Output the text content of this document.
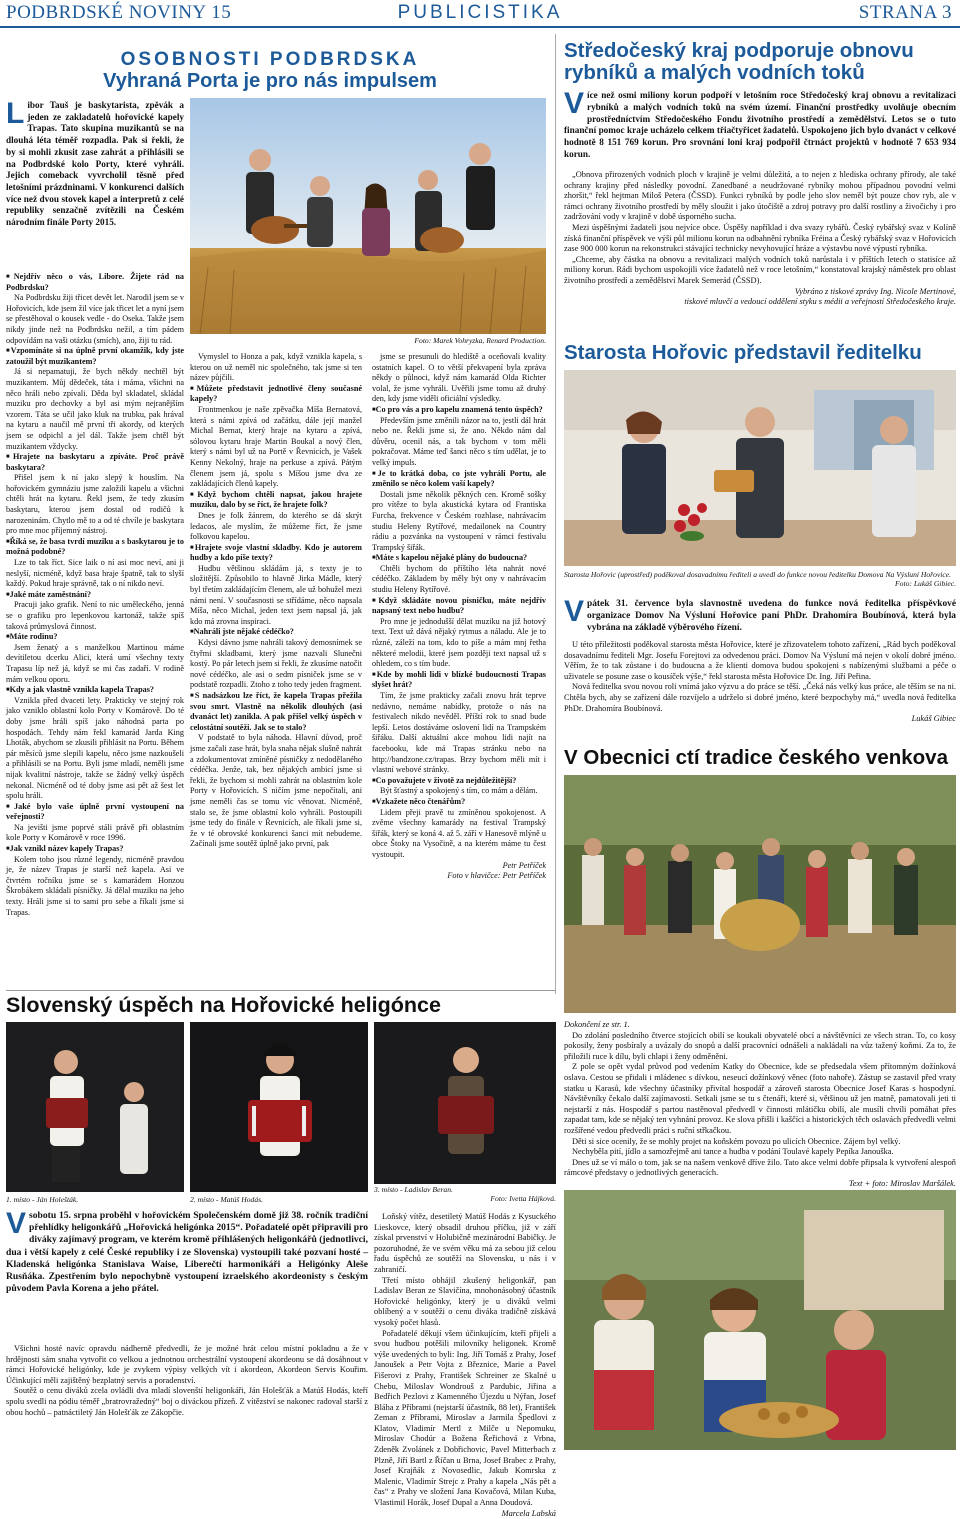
PODBRDSKÉ NOVINY 15	PUBLICISTIKA	STRANA 3
OSOBNOSTI PODBRDSKA
Vyhraná Porta je pro nás impulsem
Libor Tauš je baskytarista, zpěvák a jeden ze zakladatelů hořovické kapely Trapas. Tato skupina muzikantů se na dlouhá léta téměř rozpadla. Pak si řekli, že by si mohli zkusit zase zahrát a přihlásili se na Podbrdské kolo Porty, které vyhráli. Jejich comeback vyvrcholil těsně před letošními prázdninami. V konkurenci dalších více než dvou stovek kapel a interpretů z celé republiky senzačně zvítězili na Českém národním finále Porty 2015.
Foto: Marek Vohryzka, Renard Production.

■ Nejdřív něco o vás, Libore. Žijete rád na Podbrdsku?

Na Podbrdsku žiji třicet devět let. Narodil jsem se v Hořovicích, kde jsem žil více jak třicet let a nyní jsem se přestěhoval o kousek vedle - do Oseka. Takže jsem nikdy jinde než na Podbrdsku nežil, a tím pádem odpovídám na vaši otázku (smích), ano, žiji tu rád.

■ Vzpomínáte si na úplně první okamžik, kdy jste zatoužil být muzikantem?

Já si nepamatuji, že bych někdy nechtěl být muzikantem. Můj dědeček, táta i máma, všichni na něco hráli nebo zpívali. Děda byl skladatel, skládal muziku pro dechovky a byl asi mým nejranějším vzorem. Táta se učil jako kluk na trubku, pak hrával na kytaru a naučil mě první tři akordy, od kterých jsem se odpichl a jel dál. Takže jsem chtěl být muzikantem vždycky.

■ Hrajete na baskytaru a zpíváte. Proč právě baskytara?

Přišel jsem k ní jako slepý k houslím. Na hořovickém gymnáziu jsme založili kapelu a všichni chtěli hrát na kytaru. Řekl jsem, že tedy zkusím baskytaru, kterou jsem dostal od rodičů k narozeninám. Chytlo mě to a od té chvíle je baskytara pro mne moc příjemný nástroj.

■ Říká se, že basa tvrdí muziku a s baskytarou je to možná podobné?

Lze to tak říct. Sice laik o ní asi moc neví, ani ji neslyší, nicméně, když basa hraje špatně, tak to slyší každý. Pokud hraje správně, tak o ní nikdo neví.

■ Jaké máte zaměstnání?

Pracuji jako grafik. Není to nic uměleckého, jenná se o grafiku pro lepenkovou kartonáž, takže spíš taková průmyslová činnost.

■ Máte rodinu?

Jsem ženatý a s manželkou Martinou máme devítiletou dcerku Alici, která umí všechny texty Trapasu líp než já, když se mi čas zadaří. V rodině mám velkou oporu.

■ Kdy a jak vlastně vznikla kapela Trapas?

Vznikla před dvaceti lety. Prakticky ve stejný rok jako vzniklo oblastní kolo Porty v Komárově. Do té doby jsme hráli spíš jako náhodná parta po hospodách. Tehdy nám řekl kamarád Jarda King Lhoták, abychom se zkusili přihlásit na Portu. Během pár měsíců jsme slepili kapelu, něco jsme nazkoušeli a přihlásili se na Portu. Byli jsme mladí, neměli jsme nijak kvalitní nástroje, takže se žádný velký úspěch nekonal. Nicméně od té doby jsme asi pět až šest let spolu hráli.

■ Jaké bylo vaše úplně první vystoupení na veřejnosti?

Na jevišti jsme poprvé stáli právě při oblastním kole Porty v Komárově v roce 1996.

■ Jak vznikl název kapely Trapas?

Kolem toho jsou různé legendy, nicméně pravdou je, že název Trapas je starší než kapela. Asi ve čtvrtém ročníku jsme se s kamarádem Honzou Škrobákem skládali písničky. Já dělal muziku na jeho texty. Hráli jsme si to sami pro sebe a říkali jsme si Trapas.

Vymyslel to Honza a pak, když vznikla kapela, s kterou on už neměl nic společného, tak jsme si ten název půjčili.

■ Můžete představit jednotlivé členy současné kapely?

Frontmenkou je naše zpěvačka Míša Bernatová, která s námi zpívá od začátku, dále její manžel Michal Bernat, který hraje na kytaru a zpívá, sólovou kytaru hraje Martin Boukal a nový člen, který s námi byl už na Portě v Řevnicích, je Vašek Kenny Nekolný, hraje na perkuse a zpívá. Pátým členem jsem já, spolu s Míšou jsme dva ze zakládajících členů kapely.

■ Když bychom chtěli napsat, jakou hrajete muziku, dalo by se říct, že hrajete folk?

Dnes je folk žánrem, do kterého se dá skrýt ledacos, ale myslím, že můžeme říct, že jsme folkovou kapelou.

■ Hrajete svoje vlastní skladby. Kdo je autorem hudby a kdo píše texty?

Hudbu většinou skládám já, s texty je to složitější. Způsobilo to hlavně Jirka Mádle, který byl třetím zakládajícím členem, ale už bohužel mezi námi není. V současnosti se střídáme, něco napsala Míša, něco Michal, jeden text jsem napsal já, jak kdo má zrovna inspiraci.

■ Nahráli jste nějaké cédéčko?

Kdysi dávno jsme nahráli takový demosnímek se čtyřmi skladbami, který jsme nazvali Slunečni kostý. Po pár letech jsem si řekli, že zkusíme natočit nové cédéčko, ale asi o sedm písniček jsme se v podstatě rozpadli. Ztoho z toho tedy jeden fragment.

■ S nadsázkou lze říct, že kapela Trapas přežila svou smrt. Vlastně na několik dlouhých (asi dvanáct let) zanikla. A pak přišel velký úspěch v celostátní soutěži. Jak se to stalo?

V podstatě to byla náhoda. Hlavní důvod, proč jsme začali zase hrát, byla snaha nějak slušně nahrát a zdokumentovat zmíněné písničky z nedodělaného cédéčka. Jenže, tak, bez nějakých ambicí jsme si řekli, že bychom si mohli zahrát na oblastním kole Porty v Hořovicích. S ničím jsme nepočítali, ani jsme neměli čas se tomu víc věnovat. Nicméně, stalo se, že jsme oblastní kolo vyhráli. Postoupili jsme tedy do finále v Řevnicích, ale říkali jsme si, že v té obrovské konkurenci šanci mít nebudeme. Začínali jsme soutěž úplně jako první, pak

jsme se presunuli do hlediště a oceňovali kvality ostatních kapel. O to větší překvapení byla zpráva někdy o půlnoci, když nám kamarád Olda Richter volal, že jsme vyhráli. Uvěřili jsme tomu až druhý den, kdy jsme viděli oficiální výsledky.

■ Co pro vás a pro kapelu znamená tento úspěch?

Především jsme změnili názor na to, jestli dál hrát nebo ne. Řekli jsme si, že ano. Někdo nám dal důvěru, ocenil nás, a tak bychom v tom měli pokračovat. Máme teď šanci něco s tím udělat, je to velký impuls.

■ Je to krátká doba, co jste vyhráli Portu, ale změnilo se něco kolem vaší kapely?

Dostali jsme několik pěkných cen. Kromě sošky pro vítěze to byla akustická kytara od Frantiska Furcha, frekvence v Českém rozhlase, nahrávacím studiu Heleny Rytířové, medailonek na Country rádiu a pozvánka na vystoupení v rámci festivalu Trampský šiřák.

■ Máte s kapelou nějaké plány do budoucna?

Chtěli bychom do příštího léta nahrát nové cédéčko. Základem by měly být ony v nahrávacím studiu Heleny Rytířové.

■ Když skládáte novou písničku, máte nejdřív napsaný text nebo hudbu?

Pro mne je jednodušší dělat muziku na již hotový text. Text už dává nějaký rytmus a náladu. Ale je to různé, záleží na tom, kdo to píše a mám mnj řetha některé melodii, které jsem později text napsal už s ohledem, co s tím bude.

■ Kde by mohli lidi v blízké budoucnosti Trapas slyšet hrát?

Tím, že jsme prakticky začali znovu hrát teprve nedávno, nemáme nabídky, protože o nás na festivalech nikdo nevěděl. Příští rok to snad bude lepší. Letos dostáváme oslovení lidí na Trampském šiřáku. Další aktuální akce mohou lidi najít na facebooku, kde má Trapas stránku nebo na http://bandzone.cz/trapas. Brzy bychom měli mít i vlastní webové stránky.

■ Co považujete v životě za nejdůležitější?

Být šťastný a spokojený s tím, co mám a dělám.

■ Vzkažete něco čtenářům?

Lidem přeji pravě tu zmíněnou spokojenost. A zvěme všechny kamarády na festival Trampský šiřák, který se koná 4. až 5. září v Hanesově mlýně u obce Štoky na Vysočině, a na kterém máme tu čest vystoupit.

Petr Petříček

Foto v hlavičce: Petr Petříček

Středočeský kraj podporuje obnovu rybníků a malých vodních toků
Více než osmi miliony korun podpoří v letošním roce Středočeský kraj obnovu a revitalizaci rybníků a malých vodních toků na svém území. Finanční prostředky uvolňuje obecním prostředníctvím Středočeského Fondu životního prostředí a zemědělství. Letos se o tuto finanční pomoc kraje ucházelo celkem třiačtyřicet žadatelů. Uspokojeno jich bylo dvanáct v celkové hodnotě 8 151 769 korun. Pro srovnání loni kraj podpořil čtrnáct projektů v hodnotě 7 653 934 korun.

„Obnova přirozených vodních ploch v krajině je velmi důležitá, a to nejen z hlediska ochrany přírody, ale také ochrany krajiny před následky povodní. Zanedbané a neudržované rybníky mohou případnou povodní velmi zhoršit,“ řekl hejtman Miloš Petera (ČSSD). Funkci rybníků by podle jeho slov neměl být pouze chov ryb, ale v rámci ochrany životního prostředí by měly sloužit i jako útočiště a zdroj potravy pro další rostliny a živočichy i pro zadržování vody v krajině v době úsporného sucha.

Mezi úspěšnými žadateli jsou nejvíce obce. Úspěšy například i dva svazy rybářů. Český rybářský svaz v Kolíně získá finanční příspěvek ve výši půl milionu korun na odbahnění rybníka Fréina a Český rybářský svaz v Hořovicích zase 900 000 korun na rekonstrukci stávající technicky nevyhovující hráze a výstavbu nové výpustí rybníka.

„Chceme, aby částka na obnovu a revitalizaci malých vodních toků narůstala i v příštích letech o statisíce až miliony korun. Rádi bychom uspokojili více žadatelů než v roce letošním,“ konstatoval krajský náměstek pro oblast životního prostředí a zemědělství Marek Semerád (ČSSD).

Vybráno z tiskové zprávy Ing. Nicole Mertinové,

tiskové mluvčí a vedoucí oddělení styku s médii a veřejností Středočeského kraje.

Starosta Hořovic představil ředitelku
Starosta Hořovic (uprostřed) poděkoval dosavadnímu řediteli a uvedl do funkce novou ředitelku Domova Na Výsluní Hořovice.
Foto: Lukáš Gibiec.
Vpátek 31. července byla slavnostně uvedena do funkce nová ředitelka příspěvkové organizace Domov Na Výsluní Hořovice paní PhDr. Drahomíra Boubínová, která byla vybrána na základě výběrového řízení.

U této příležitosti poděkoval starosta města Hořovice, které je zřizovatelem tohoto zařízení, „Rád bych poděkoval dosavadnímu řediteli Mgr. Josefu Forejtovi za odvedenou práci. Domov Na Výsluní má nejen v okolí dobré jméno. Věřím, že to tak zůstane i do budoucna a že klienti domova budou spokojeni s nabízenými službami a péče o uživatele se posune zase o kousíček výše,“ řekl starosta města Hořovice Dr. Ing. Jiří Peřina.

Nová ředitelka svou novou roli vnímá jako výzvu a do práce se těší. „Čeká nás velký kus práce, ale těším se na ni. Chtěla bych, aby se zařízení dále rozvíjelo a udrželo si dobré jméno, které bezpochyby má,“ uvedla nová ředitelka PhDr. Drahomíra Boubínová.

Lukáš Gibiec

V Obecnici ctí tradice českého venkova
Slovenský úspěch na Hořovické heligónce
1. místo - Ján Holešták.	2. místo - Matúš Hodás.
3. místo - Ladislav Beran.
Foto: Ivetta Hájková.
Vsobotu 15. srpna proběhl v hořovickém Společenském domě již 38. ročník tradiční přehlídky heligonkářů „Hořovická heligónka 2015“. Pořadatelé opět připravili pro diváky zajímavý program, ve kterém kromě přihlášených heligonkářů (jednotlivci, dua i větší kapely z celé České republiky i ze Slovenska) vystoupili také pozvaní hosté – Kladenská heligónka Stanislava Waise, Liberečtí harmonikáři a Heligónky Aleše Rusňáka. Zpestřením bylo nepochybně vystoupení izraelského akordeonisty s českým původem Pavla Korena a jeho přátel.

Všichni hosté navíc opravdu nádherně předvedli, že je možné hrát celou místní pokladnu a že v hrdějnosti sám snaha vytvořit co velkou a jednotnou orchestrální vystoupení akordeonu se dá dosáhnout v rámci Hořovické heligónky, kde je zvykem výpisy velkých vít i akordeon, Akordeon Servis Kouřim. Účinkující měli zajištěný bezplatný servis a poradenství.

Soutěž o cenu diváků zcela ovládli dva mladí slovenští heligonkáři, Ján Holešťák a Matúš Hodás, kteří spolu svedli na pódiu téměř „bratrovražedný“ boj o diváckou přízeň. Z vítězství se nakonec radoval starší z obou hochů – patnáctiletý Ján Holešťák ze Zákopčie.

Loňský vítěz, desetiletý Matúš Hodás z Kysuckého Lieskovce, který obsadil druhou příčku, již v září získal prvenství v Holubičně mezinárodní Babičky. Je pozoruhodné, že ve svém věku má za sebou již celou řadu úspěchů ze soutěží na Slovensku, u nás i v zahraničí.

Třetí místo obhájil zkušený heligonkář, pan Ladislav Beran ze Slavičína, mnohonásobný účastník Hořovické heligónky, který je u diváků velmi oblíbený a v soutěži o cenu diváka tradičně získává vysoký počet hlasů.

Pořadatelé děkují všem účinkujícím, kteří přijeli a svou hudbou potěšili milovníky heligonek. Kromě výše uvedených to byli: Ing. Jiří Tomáš z Prahy, Josef Janoušek a Petr Vojta z Březnice, Marie a Pavel Fišerovi z Prahy, František Schreiner ze Skalné u Chebu, Miloslav Wondrouš z Pardubic, Jiřina a Bedřich Pezlovi z Kamenného Újezdu u Nýřan, Josef Bláha z Příbrami (nejstarší účastník, 88 let), František Zeman z Příbrami, Miroslav a Jarmila Špedlovi z Klatov, Vladimír Mertl z Milče u Nepomuku, Miroslav Chodúr a Božena Řeřichová z Vrbna, Zdeněk Zvolánek z Dobřichovic, Pavel Mitterbach z Plzně, Jiří Bartl z Říčan u Brna, Josef Brabec z Prahy, Josef Krajňák z Novosedlic, Jakub Komrska z Malenic, Vladimír Strejc z Prahy a kapela „Nás pět a čas“ z Prahy ve složení Jana Kovačová, Milan Kuba, Vlastimil Horák, Josef Dupal a Anna Doudová.

Marcela Labská

Dokončení ze str. 1.

Do zdolání posledního čtverce stojících obilí se koukali obyvatelé obcí a návštěvníci ze všech stran. To, co kosy pokosily, ženy posbíraly a uvázaly do snopů a další pracovníci odnášeli a nakládali na vůz tažený koňmi. Za to, že přiložili ruce k dílu, byli chlapi i ženy odměněni.

Z pole se opět vydal průvod pod vedením Katky do Obecnice, kde se předsedala všem přítomným dožínková oslava. Cestou se přidali i mládenec s dívkou, neseucí dožínkový věnec (foto nahoře). Zástup se zastavil před vraty statku u Karasů, kde všechny účastníky přivítal hospodář a zároveň starosta Obecnice Josef Karas s hospodyní. Návštěvníky čekalo další zajímavosti. Setkali jsme se tu s čtenáři, které si, většinou už jen matně, pamatovali jeti ti nejstarší z nás. Hospodář s partou nastěnoval předvedl v činnosti mlátičku obilí, ale musíli chvíli pomáhat přes zapadat tam, kde se nějaký ten vyhnání provoz. Ke slova přišli i kaščíci a historických těch oslavách předvedli velmi rozšířené vedou předvedli práci s ruční střkačkou.

Děti si sice ocenily, že se mohly projet na koňském povozu po ulicích Obecnice. Zájem byl velký.

Nechyběla pití, jídlo a samozřejmě ani tance a hudba v podání Toulavé kapely Pepíka Janouška.

Dnes už se ví málo o tom, jak se na našem venkově dříve žilo. Tato akce velmi dobře připsala k vytvoření alespoň rámcové představy o jednotlivých generacích.

Text + foto: Miroslav Maršálek.
